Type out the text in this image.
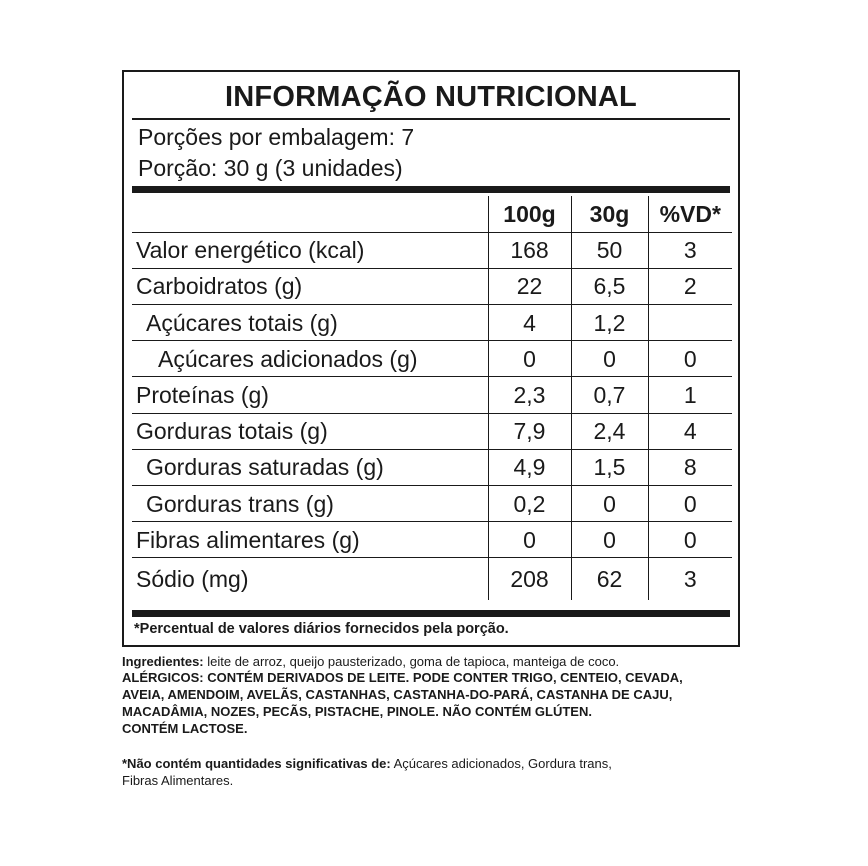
INFORMAÇÃO NUTRICIONAL
Porções por embalagem: 7
Porção: 30 g (3 unidades)
	100g	30g	%VD*
Valor energético (kcal)	168	50	3
Carboidratos (g)	22	6,5	2
Açúcares totais (g)	4	1,2	
Açúcares adicionados (g)	0	0	0
Proteínas (g)	2,3	0,7	1
Gorduras totais (g)	7,9	2,4	4
Gorduras saturadas (g)	4,9	1,5	8
Gorduras trans (g)	0,2	0	0
Fibras alimentares (g)	0	0	0
Sódio (mg)	208	62	3
*Percentual de valores diários fornecidos pela porção.
Ingredientes: leite de arroz, queijo pausterizado, goma de tapioca, manteiga de coco.
ALÉRGICOS: CONTÉM DERIVADOS DE LEITE. PODE CONTER TRIGO, CENTEIO, CEVADA,
AVEIA, AMENDOIM, AVELÃS, CASTANHAS, CASTANHA-DO-PARÁ, CASTANHA DE CAJU,
MACADÂMIA, NOZES, PECÃS, PISTACHE, PINOLE. NÃO CONTÉM GLÚTEN.
CONTÉM LACTOSE.
*Não contém quantidades significativas de: Açúcares adicionados, Gordura trans,
Fibras Alimentares.
